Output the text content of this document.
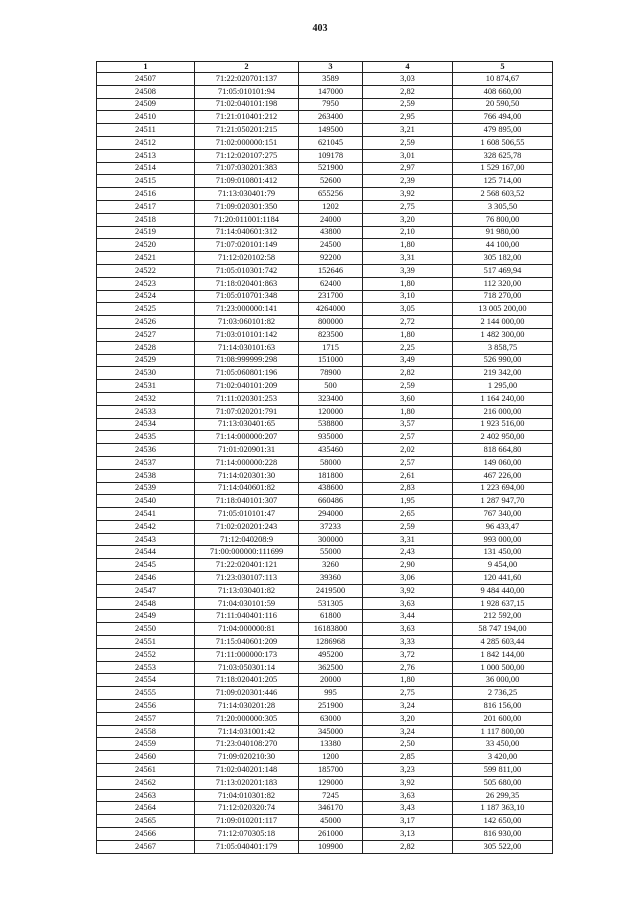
403
1	2	3	4	5
24507	71:22:020701:137	3589	3,03	10 874,67
24508	71:05:010101:94	147000	2,82	408 660,00
24509	71:02:040101:198	7950	2,59	20 590,50
24510	71:21:010401:212	263400	2,95	766 494,00
24511	71:21:050201:215	149500	3,21	479 895,00
24512	71:02:000000:151	621045	2,59	1 608 506,55
24513	71:12:020107:275	109178	3,01	328 625,78
24514	71:07:030201:383	521900	2,97	1 529 167,00
24515	71:09:010801:412	52600	2,39	125 714,00
24516	71:13:030401:79	655256	3,92	2 568 603,52
24517	71:09:020301:350	1202	2,75	3 305,50
24518	71:20:011001:1184	24000	3,20	76 800,00
24519	71:14:040601:312	43800	2,10	91 980,00
24520	71:07:020101:149	24500	1,80	44 100,00
24521	71:12:020102:58	92200	3,31	305 182,00
24522	71:05:010301:742	152646	3,39	517 469,94
24523	71:18:020401:863	62400	1,80	112 320,00
24524	71:05:010701:348	231700	3,10	718 270,00
24525	71:23:000000:141	4264000	3,05	13 005 200,00
24526	71:03:060101:82	800000	2,72	2 144 000,00
24527	71:03:010101:142	823500	1,80	1 482 300,00
24528	71:14:030101:63	1715	2,25	3 858,75
24529	71:08:999999:298	151000	3,49	526 990,00
24530	71:05:060801:196	78900	2,82	219 342,00
24531	71:02:040101:209	500	2,59	1 295,00
24532	71:11:020301:253	323400	3,60	1 164 240,00
24533	71:07:020201:791	120000	1,80	216 000,00
24534	71:13:030401:65	538800	3,57	1 923 516,00
24535	71:14:000000:207	935000	2,57	2 402 950,00
24536	71:01:020901:31	435460	2,02	818 664,80
24537	71:14:000000:228	58000	2,57	149 060,00
24538	71:14:020301:30	181800	2,61	467 226,00
24539	71:14:040601:82	438600	2,83	1 223 694,00
24540	71:18:040101:307	660486	1,95	1 287 947,70
24541	71:05:010101:47	294000	2,65	767 340,00
24542	71:02:020201:243	37233	2,59	96 433,47
24543	71:12:040208:9	300000	3,31	993 000,00
24544	71:00:000000:111699	55000	2,43	131 450,00
24545	71:22:020401:121	3260	2,90	9 454,00
24546	71:23:030107:113	39360	3,06	120 441,60
24547	71:13:030401:82	2419500	3,92	9 484 440,00
24548	71:04:030101:59	531305	3,63	1 928 637,15
24549	71:11:040401:116	61800	3,44	212 592,00
24550	71:04:000000:81	16183800	3,63	58 747 194,00
24551	71:15:040601:209	1286968	3,33	4 285 603,44
24552	71:11:000000:173	495200	3,72	1 842 144,00
24553	71:03:050301:14	362500	2,76	1 000 500,00
24554	71:18:020401:205	20000	1,80	36 000,00
24555	71:09:020301:446	995	2,75	2 736,25
24556	71:14:030201:28	251900	3,24	816 156,00
24557	71:20:000000:305	63000	3,20	201 600,00
24558	71:14:031001:42	345000	3,24	1 117 800,00
24559	71:23:040108:270	13380	2,50	33 450,00
24560	71:09:020210:30	1200	2,85	3 420,00
24561	71:02:040201:148	185700	3,23	599 811,00
24562	71:13:020201:183	129000	3,92	505 680,00
24563	71:04:010301:82	7245	3,63	26 299,35
24564	71:12:020320:74	346170	3,43	1 187 363,10
24565	71:09:010201:117	45000	3,17	142 650,00
24566	71:12:070305:18	261000	3,13	816 930,00
24567	71:05:040401:179	109900	2,82	305 522,00
